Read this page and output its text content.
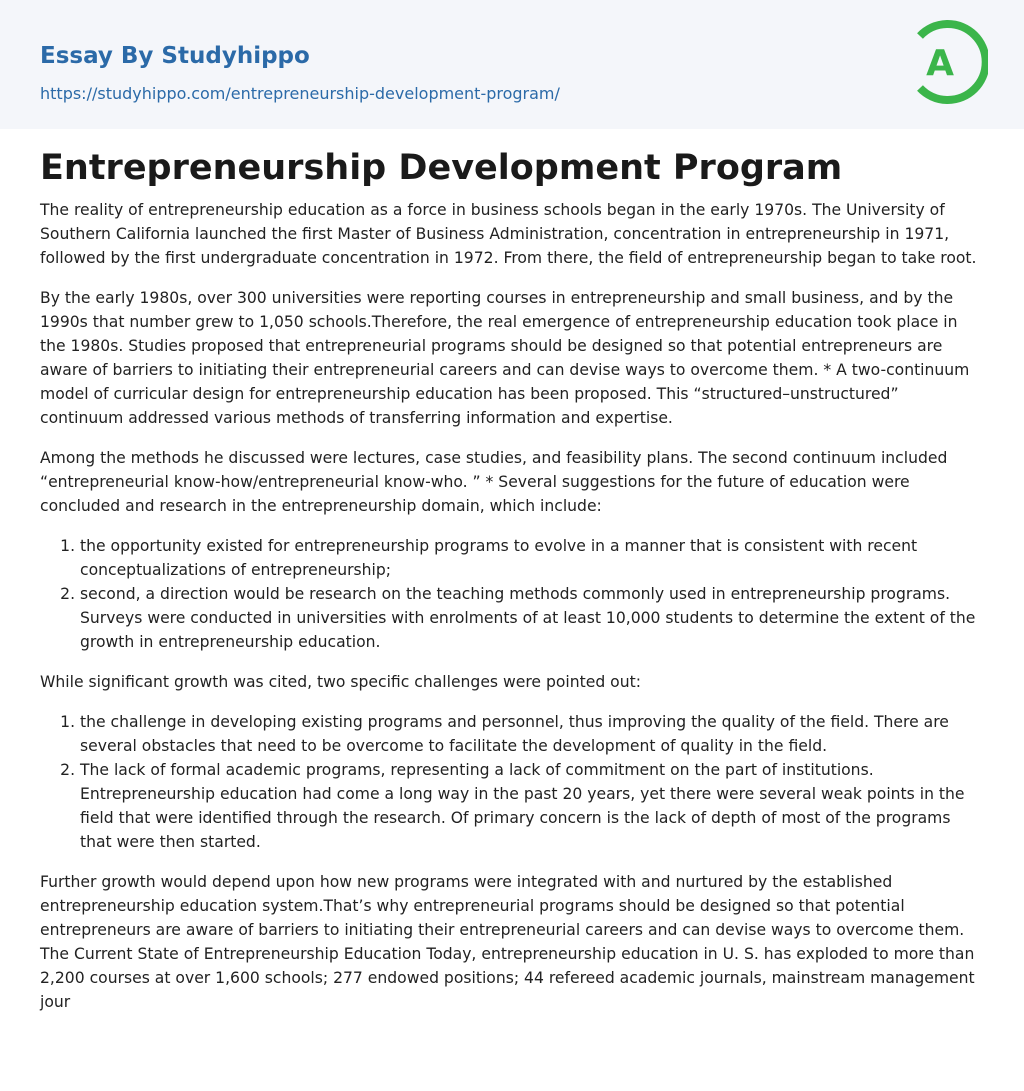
Essay By Studyhippo
https://studyhippo.com/entrepreneurship-development-program/
A
Entrepreneurship Development Program

The reality of entrepreneurship education as a force in business schools began in the early 1970s. The University of Southern California launched the first Master of Business Administration, concentration in entrepreneurship in 1971, followed by the first undergraduate concentration in 1972. From there, the field of entrepreneurship began to take root.

By the early 1980s, over 300 universities were reporting courses in entrepreneurship and small business, and by the 1990s that number grew to 1,050 schools.Therefore, the real emergence of entrepreneurship education took place in the 1980s. Studies proposed that entrepreneurial programs should be designed so that potential entrepreneurs are aware of barriers to initiating their entrepreneurial careers and can devise ways to overcome them. * A two-continuum model of curricular design for entrepreneurship education has been proposed. This “structured–unstructured” continuum addressed various methods of transferring information and expertise.

Among the methods he discussed were lectures, case studies, and feasibility plans. The second continuum included “entrepreneurial know-how/entrepreneurial know-who. ” * Several suggestions for the future of education were concluded and research in the entrepreneurship domain, which include:

1. the opportunity existed for entrepreneurship programs to evolve in a manner that is consistent with recent conceptualizations of entrepreneurship;
2. second, a direction would be research on the teaching methods commonly used in entrepreneurship programs. Surveys were conducted in universities with enrolments of at least 10,000 students to determine the extent of the growth in entrepreneurship education.

While significant growth was cited, two specific challenges were pointed out:

1. the challenge in developing existing programs and personnel, thus improving the quality of the field. There are several obstacles that need to be overcome to facilitate the development of quality in the field.
2. The lack of formal academic programs, representing a lack of commitment on the part of institutions. Entrepreneurship education had come a long way in the past 20 years, yet there were several weak points in the field that were identified through the research. Of primary concern is the lack of depth of most of the programs that were then started.

Further growth would depend upon how new programs were integrated with and nurtured by the established entrepreneurship education system.That’s why entrepreneurial programs should be designed so that potential entrepreneurs are aware of barriers to initiating their entrepreneurial careers and can devise ways to overcome them. The Current State of Entrepreneurship Education Today, entrepreneurship education in U. S. has exploded to more than 2,200 courses at over 1,600 schools; 277 endowed positions; 44 refereed academic journals, mainstream management jour
